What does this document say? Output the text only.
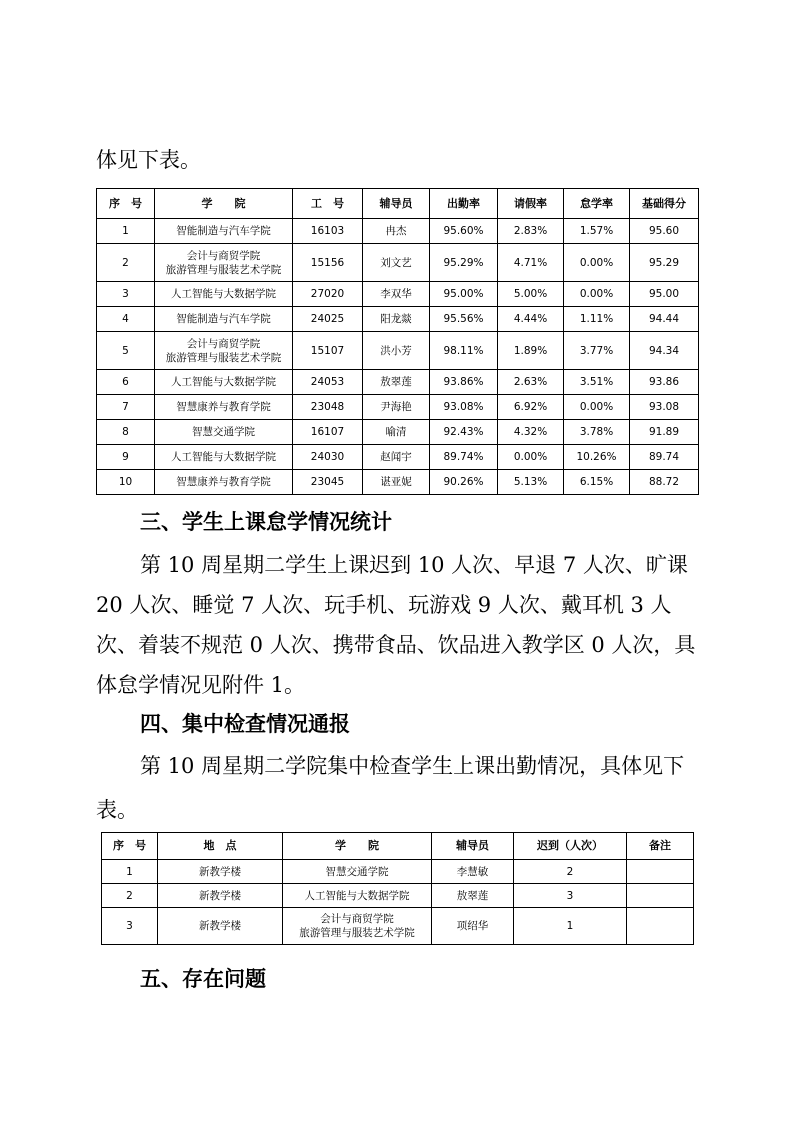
体见下表。

序　号	学　　院	工　号	辅导员	出勤率	请假率	怠学率	基础得分
1	智能制造与汽车学院	16103	冉杰	95.60%	2.83%	1.57%	95.60
2	会计与商贸学院
旅游管理与服装艺术学院	15156	刘文艺	95.29%	4.71%	0.00%	95.29
3	人工智能与大数据学院	27020	李双华	95.00%	5.00%	0.00%	95.00
4	智能制造与汽车学院	24025	阳龙燚	95.56%	4.44%	1.11%	94.44
5	会计与商贸学院
旅游管理与服装艺术学院	15107	洪小芳	98.11%	1.89%	3.77%	94.34
6	人工智能与大数据学院	24053	敖翠莲	93.86%	2.63%	3.51%	93.86
7	智慧康养与教育学院	23048	尹海艳	93.08%	6.92%	0.00%	93.08
8	智慧交通学院	16107	喻清	92.43%	4.32%	3.78%	91.89
9	人工智能与大数据学院	24030	赵闻宇	89.74%	0.00%	10.26%	89.74
10	智慧康养与教育学院	23045	谌亚妮	90.26%	5.13%	6.15%	88.72

三、学生上课怠学情况统计

第 10 周星期二学生上课迟到 10 人次、早退 7 人次、旷课 20 人次、睡觉 7 人次、玩手机、玩游戏 9 人次、戴耳机 3 人次、着装不规范 0 人次、携带食品、饮品进入教学区 0 人次，具体怠学情况见附件 1。

四、集中检查情况通报

第 10 周星期二学院集中检查学生上课出勤情况，具体见下表。

序　号	地　点	学　　院	辅导员	迟到（人次）	备注
1	新教学楼	智慧交通学院	李慧敏	2	
2	新教学楼	人工智能与大数据学院	敖翠莲	3	
3	新教学楼	会计与商贸学院
旅游管理与服装艺术学院	项绍华	1	

五、存在问题
